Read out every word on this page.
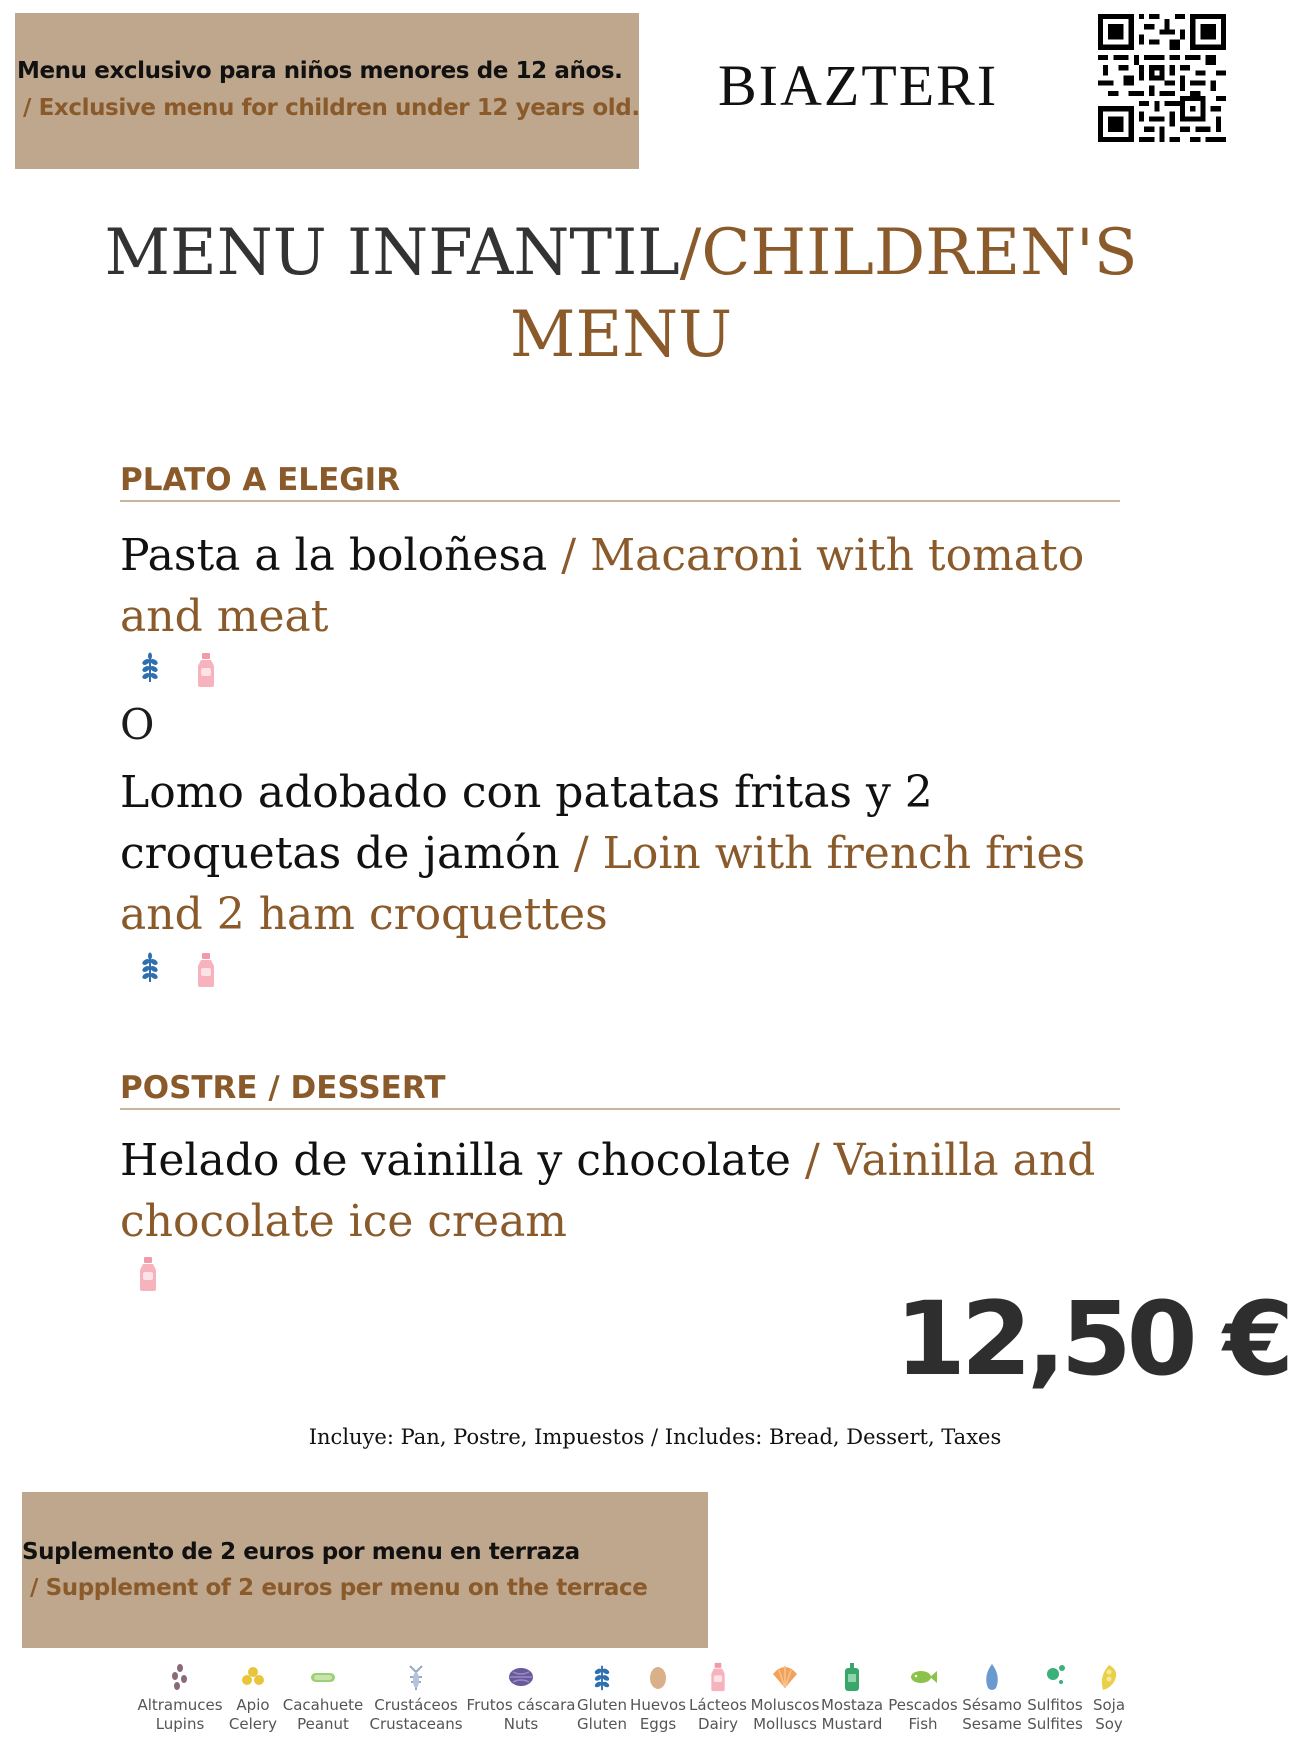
Menu exclusivo para niños menores de 12 años.
/ Exclusive menu for children under 12 years old. BIAZTERI
MENU INFANTIL/CHILDREN'S MENU
PLATO A ELEGIR
Pasta a la boloñesa / Macaroni with tomato and meat
O
Lomo adobado con patatas fritas y 2 croquetas de jamón / Loin with french fries and 2 ham croquettes
POSTRE / DESSERT
Helado de vainilla y chocolate / Vainilla and chocolate ice cream
12,50 €
Incluye: Pan, Postre, Impuestos / Includes: Bread, Dessert, Taxes
Suplemento de 2 euros por menu en terraza
/ Supplement of 2 euros per menu on the terrace
Altramuces
Lupins
Apio
Celery
Cacahuete
Peanut
Crustáceos
Crustaceans
Frutos cáscara
Nuts
Gluten
Gluten
Huevos
Eggs
Lácteos
Dairy
Moluscos
Molluscs
Mostaza
Mustard
Pescados
Fish
Sésamo
Sesame
Sulfitos
Sulfites
Soja
Soy
